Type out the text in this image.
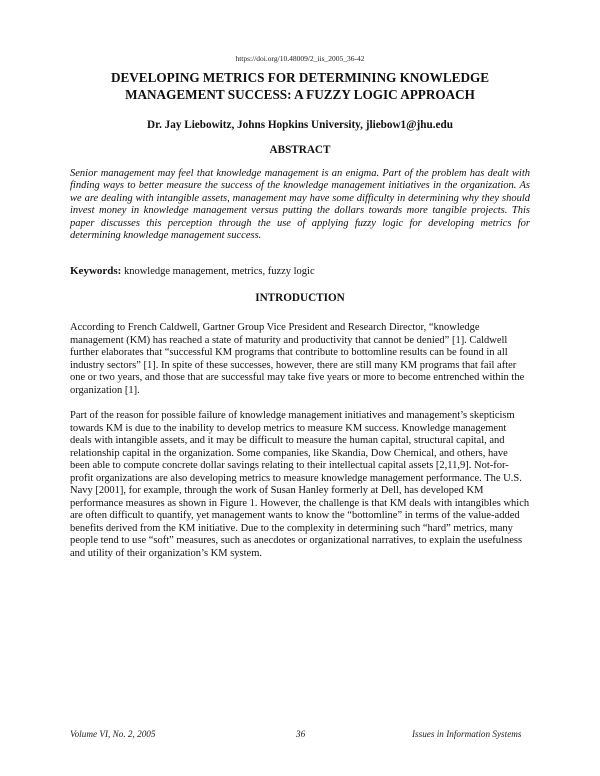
https://doi.org/10.48009/2_iis_2005_36-42
DEVELOPING METRICS FOR DETERMINING KNOWLEDGE MANAGEMENT SUCCESS: A FUZZY LOGIC APPROACH
Dr. Jay Liebowitz, Johns Hopkins University, jliebow1@jhu.edu
ABSTRACT

Senior management may feel that knowledge management is an enigma. Part of the problem has dealt with finding ways to better measure the success of the knowledge management initiatives in the organization. As we are dealing with intangible assets, management may have some difficulty in determining why they should invest money in knowledge management versus putting the dollars towards more tangible projects. This paper discusses this perception through the use of applying fuzzy logic for developing metrics for determining knowledge management success.

Keywords: knowledge management, metrics, fuzzy logic

INTRODUCTION

According to French Caldwell, Gartner Group Vice President and Research Director, “knowledge management (KM) has reached a state of maturity and productivity that cannot be denied” [1]. Caldwell further elaborates that “successful KM programs that contribute to bottomline results can be found in all industry sectors” [1]. In spite of these successes, however, there are still many KM programs that fail after one or two years, and those that are successful may take five years or more to become entrenched within the organization [1].

Part of the reason for possible failure of knowledge management initiatives and management’s skepticism towards KM is due to the inability to develop metrics to measure KM success. Knowledge management deals with intangible assets, and it may be difficult to measure the human capital, structural capital, and relationship capital in the organization. Some companies, like Skandia, Dow Chemical, and others, have been able to compute concrete dollar savings relating to their intellectual capital assets [2,11,9]. Not-for-profit organizations are also developing metrics to measure knowledge management performance. The U.S. Navy [2001], for example, through the work of Susan Hanley formerly at Dell, has developed KM performance measures as shown in Figure 1. However, the challenge is that KM deals with intangibles which are often difficult to quantify, yet management wants to know the “bottomline” in terms of the value-added benefits derived from the KM initiative. Due to the complexity in determining such “hard” metrics, many people tend to use “soft” measures, such as anecdotes or organizational narratives, to explain the usefulness and utility of their organization’s KM system.

Volume VI, No. 2, 2005	36	Issues in Information Systems
